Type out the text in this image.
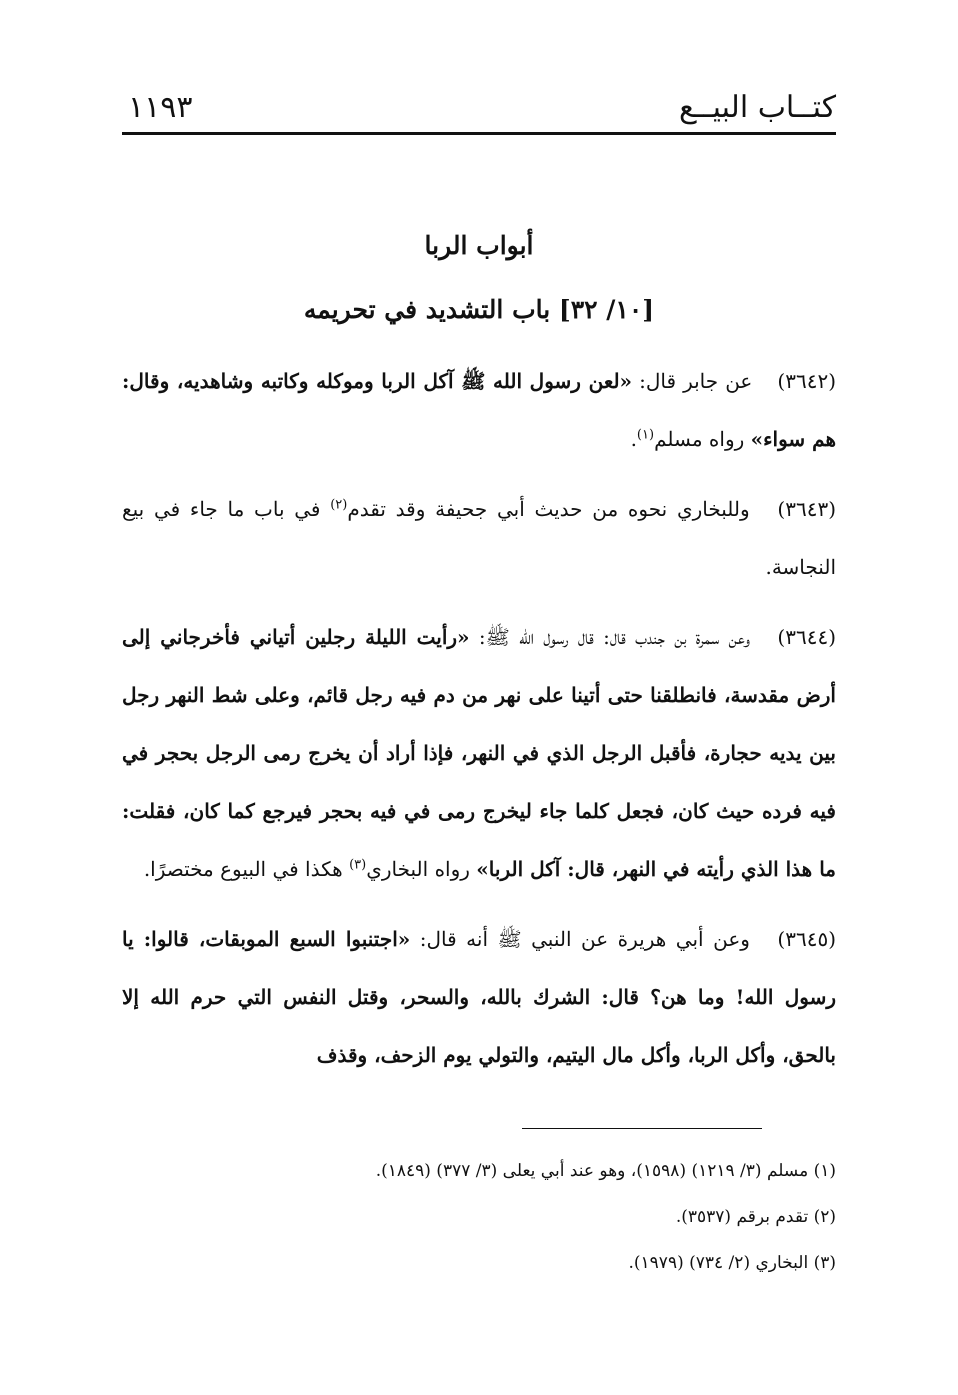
كتــاب البيــع
١١٩٣
أبواب الربا
[١٠/ ٣٢] باب التشديد في تحريمه

(٣٦٤٢) عن جابر قال: «لعن رسول الله ﷺ آكل الربا وموكله وكاتبه وشاهديه، وقال: هم سواء» رواه مسلم$^{(١)}$.

(٣٦٤٣) وللبخاري نحوه من حديث أبي جحيفة وقد تقدم$^{(٢)}$ في باب ما جاء في بيع النجاسة.

(٣٦٤٤) وعن سمرة بن جندب قال: قال رسول الله ﷺ: «رأيت الليلة رجلين أتياني فأخرجاني إلى أرض مقدسة، فانطلقنا حتى أتينا على نهر من دم فيه رجل قائم، وعلى شط النهر رجل بين يديه حجارة، فأقبل الرجل الذي في النهر، فإذا أراد أن يخرج رمى الرجل بحجر في فيه فرده حيث كان، فجعل كلما جاء ليخرج رمى في فيه بحجر فيرجع كما كان، فقلت: ما هذا الذي رأيته في النهر، قال: آكل الربا» رواه البخاري$^{(٣)}$ هكذا في البيوع مختصرًا.

(٣٦٤٥) وعن أبي هريرة عن النبي ﷺ أنه قال: «اجتنبوا السبع الموبقات، قالوا: يا رسول الله! وما هن؟ قال: الشرك بالله، والسحر، وقتل النفس التي حرم الله إلا بالحق، وأكل الربا، وأكل مال اليتيم، والتولي يوم الزحف، وقذف

(١) مسلم (٣/ ١٢١٩) (١٥٩٨)، وهو عند أبي يعلى (٣/ ٣٧٧) (١٨٤٩).

(٢) تقدم برقم (٣٥٣٧).

(٣) البخاري (٢/ ٧٣٤) (١٩٧٩).
